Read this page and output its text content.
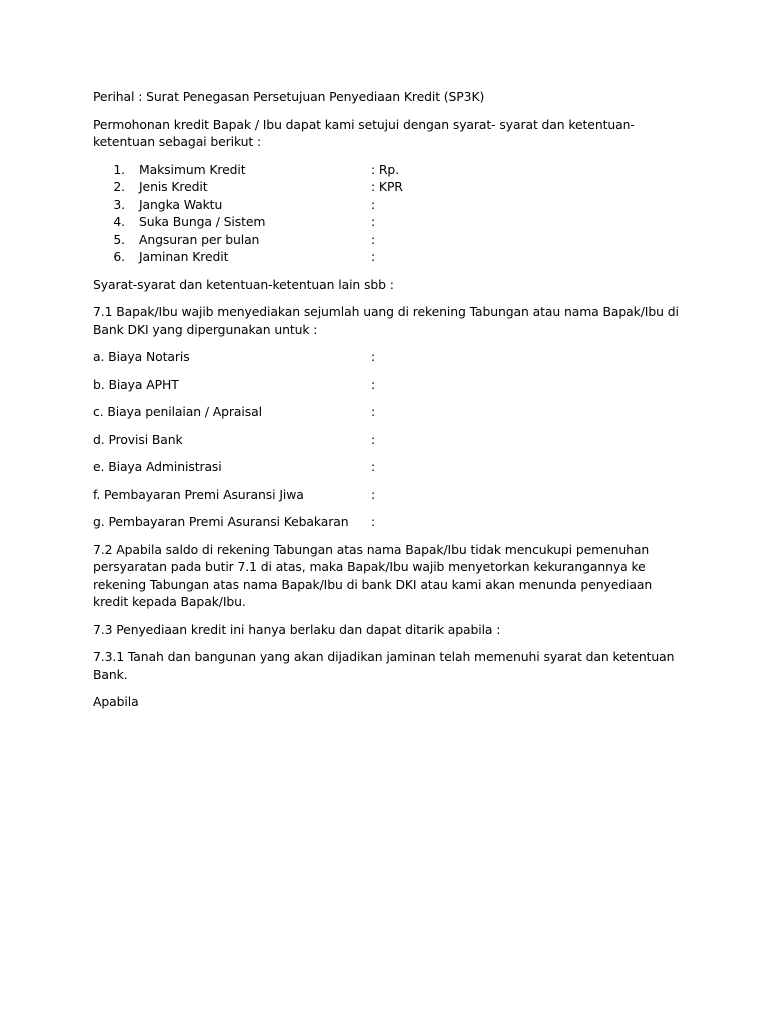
Perihal : Surat Penegasan Persetujuan Penyediaan Kredit (SP3K)

Permohonan kredit Bapak / Ibu dapat kami setujui dengan syarat- syarat dan ketentuan-ketentuan sebagai berikut :

1.	Maksimum Kredit	: Rp.
2.	Jenis Kredit	: KPR
3.	Jangka Waktu	:
4.	Suka Bunga / Sistem	:
5.	Angsuran per bulan	:
6.	Jaminan Kredit	:

Syarat-syarat dan ketentuan-ketentuan lain sbb :

7.1 Bapak/Ibu wajib menyediakan sejumlah uang di rekening Tabungan atau nama Bapak/Ibu di Bank DKI yang dipergunakan untuk :

a. Biaya Notaris	:
b. Biaya APHT	:
c. Biaya penilaian / Apraisal	:
d. Provisi Bank	:
e. Biaya Administrasi	:
f. Pembayaran Premi Asuransi Jiwa	:
g. Pembayaran Premi Asuransi Kebakaran	:

7.2 Apabila saldo di rekening Tabungan atas nama Bapak/Ibu tidak mencukupi pemenuhan persyaratan pada butir 7.1 di atas, maka Bapak/Ibu wajib menyetorkan kekurangannya ke rekening Tabungan atas nama Bapak/Ibu di bank DKI atau kami akan menunda penyediaan kredit kepada Bapak/Ibu.

7.3 Penyediaan kredit ini hanya berlaku dan dapat ditarik apabila :

7.3.1 Tanah dan bangunan yang akan dijadikan jaminan telah memenuhi syarat dan ketentuan Bank.

Apabila
